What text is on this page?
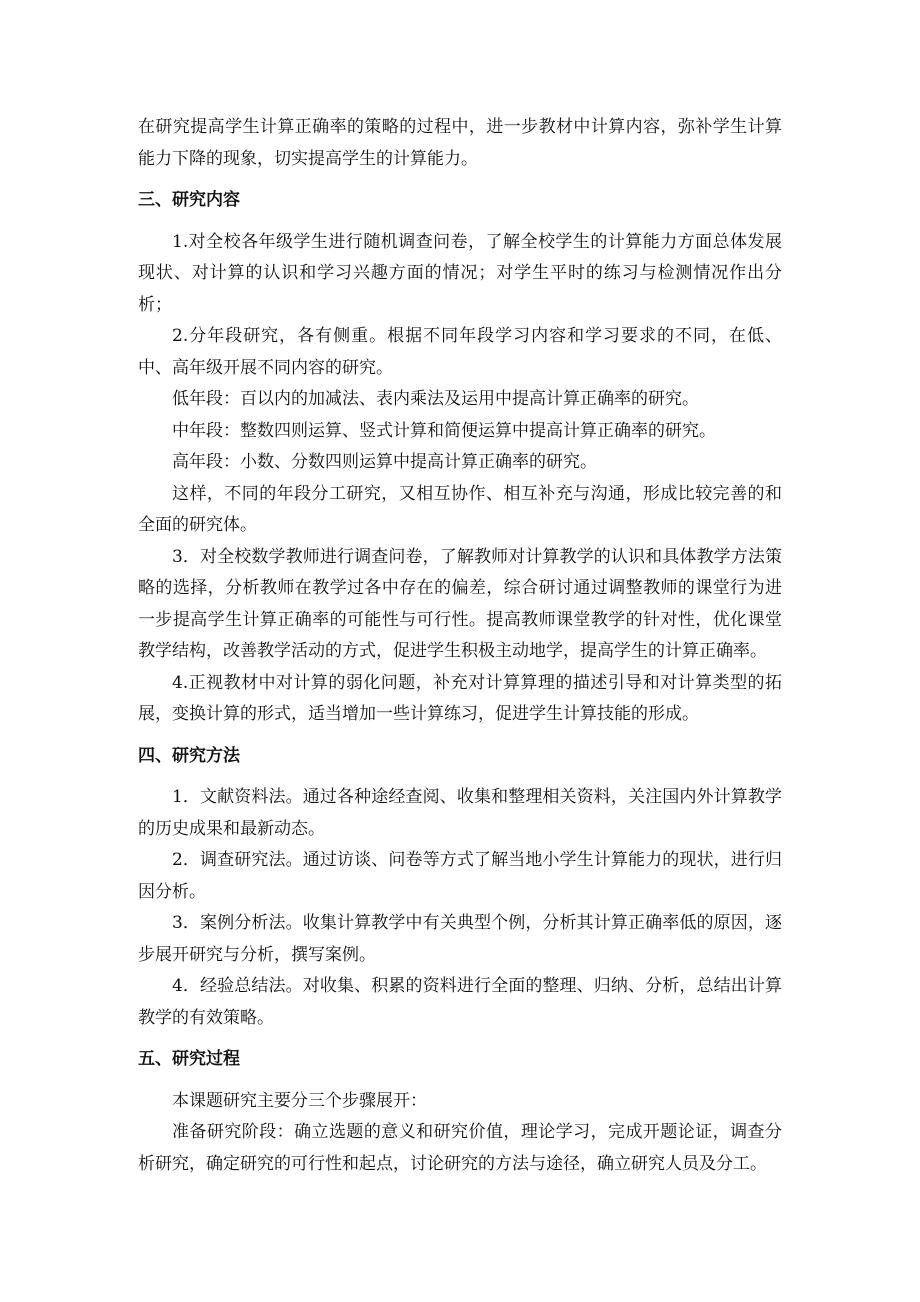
在研究提高学生计算正确率的策略的过程中，进一步教材中计算内容，弥补学生计算能力下降的现象，切实提高学生的计算能力。

三、研究内容

1.对全校各年级学生进行随机调查问卷，了解全校学生的计算能力方面总体发展现状、对计算的认识和学习兴趣方面的情况；对学生平时的练习与检测情况作出分析；

2.分年段研究，各有侧重。根据不同年段学习内容和学习要求的不同，在低、中、高年级开展不同内容的研究。

低年段：百以内的加减法、表内乘法及运用中提高计算正确率的研究。

中年段：整数四则运算、竖式计算和简便运算中提高计算正确率的研究。

高年段：小数、分数四则运算中提高计算正确率的研究。

这样，不同的年段分工研究，又相互协作、相互补充与沟通，形成比较完善的和全面的研究体。

3．对全校数学教师进行调查问卷，了解教师对计算教学的认识和具体教学方法策略的选择，分析教师在教学过各中存在的偏差，综合研讨通过调整教师的课堂行为进一步提高学生计算正确率的可能性与可行性。提高教师课堂教学的针对性，优化课堂教学结构，改善教学活动的方式，促进学生积极主动地学，提高学生的计算正确率。

4.正视教材中对计算的弱化问题，补充对计算算理的描述引导和对计算类型的拓展，变换计算的形式，适当增加一些计算练习，促进学生计算技能的形成。

四、研究方法

1．文献资料法。通过各种途经查阅、收集和整理相关资料，关注国内外计算教学的历史成果和最新动态。

2．调查研究法。通过访谈、问卷等方式了解当地小学生计算能力的现状，进行归因分析。

3．案例分析法。收集计算教学中有关典型个例，分析其计算正确率低的原因，逐步展开研究与分析，撰写案例。

4．经验总结法。对收集、积累的资料进行全面的整理、归纳、分析，总结出计算教学的有效策略。

五、研究过程

本课题研究主要分三个步骤展开：

准备研究阶段：确立选题的意义和研究价值，理论学习，完成开题论证，调查分析研究，确定研究的可行性和起点，讨论研究的方法与途径，确立研究人员及分工。
